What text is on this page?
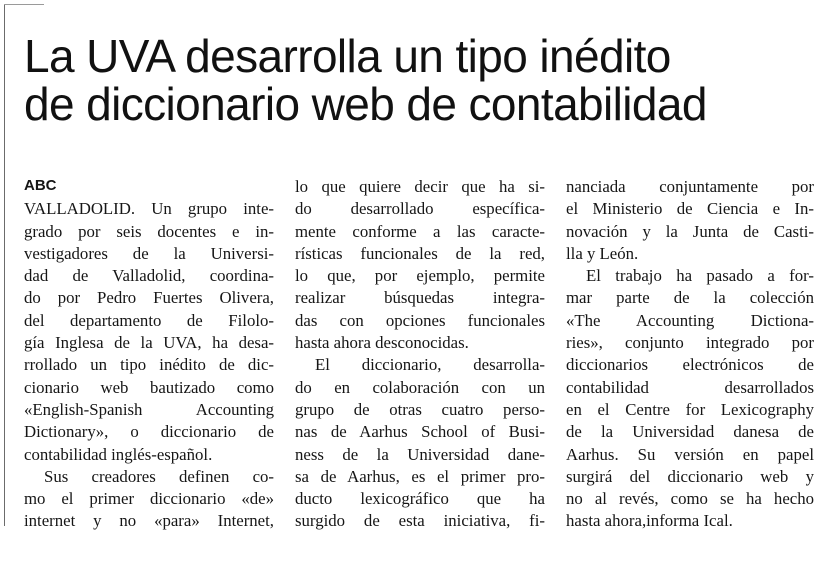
La UVA desarrolla un tipo inédito
de diccionario web de contabilidad
ABC
VALLADOLID. Un grupo inte-
grado por seis docentes e in-
vestigadores de la Universi-
dad de Valladolid, coordina-
do por Pedro Fuertes Olivera,
del departamento de Filolo-
gía Inglesa de la UVA, ha desa-
rrollado un tipo inédito de dic-
cionario web bautizado como
«English-Spanish Accounting
Dictionary», o diccionario de
contabilidad inglés-español.
Sus creadores definen co-
mo el primer diccionario «de»
internet y no «para» Internet,
lo que quiere decir que ha si-
do desarrollado específica-
mente conforme a las caracte-
rísticas funcionales de la red,
lo que, por ejemplo, permite
realizar búsquedas integra-
das con opciones funcionales
hasta ahora desconocidas.
El diccionario, desarrolla-
do en colaboración con un
grupo de otras cuatro perso-
nas de Aarhus School of Busi-
ness de la Universidad dane-
sa de Aarhus, es el primer pro-
ducto lexicográfico que ha
surgido de esta iniciativa, fi-
nanciada conjuntamente por
el Ministerio de Ciencia e In-
novación y la Junta de Casti-
lla y León.
El trabajo ha pasado a for-
mar parte de la colección
«The Accounting Dictiona-
ries», conjunto integrado por
diccionarios electrónicos de
contabilidad desarrollados
en el Centre for Lexicography
de la Universidad danesa de
Aarhus. Su versión en papel
surgirá del diccionario web y
no al revés, como se ha hecho
hasta ahora,informa Ical.
